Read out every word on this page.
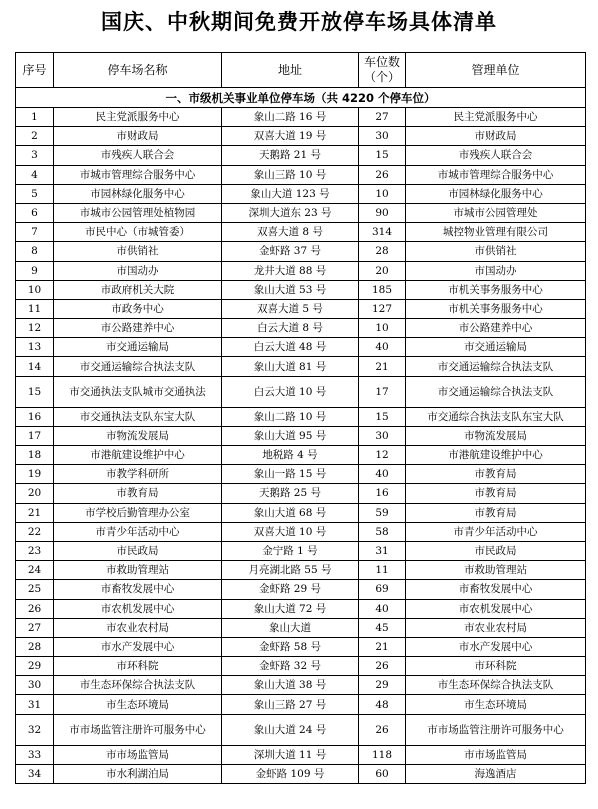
国庆、中秋期间免费开放停车场具体清单
序号	停车场名称	地址	车位数（个）	管理单位
一、市级机关事业单位停车场（共 4220 个停车位）				
1	民主党派服务中心	象山二路 16 号	27	民主党派服务中心
2	市财政局	双喜大道 19 号	30	市财政局
3	市残疾人联合会	天鹅路 21 号	15	市残疾人联合会
4	市城市管理综合服务中心	象山三路 10 号	26	市城市管理综合服务中心
5	市园林绿化服务中心	象山大道 123 号	10	市园林绿化服务中心
6	市城市公园管理处植物园	深圳大道东 23 号	90	市城市公园管理处
7	市民中心（市城管委）	双喜大道 8 号	314	城控物业管理有限公司
8	市供销社	金虾路 37 号	28	市供销社
9	市国动办	龙井大道 88 号	20	市国动办
10	市政府机关大院	象山大道 53 号	185	市机关事务服务中心
11	市政务中心	双喜大道 5 号	127	市机关事务服务中心
12	市公路建养中心	白云大道 8 号	10	市公路建养中心
13	市交通运输局	白云大道 48 号	40	市交通运输局
14	市交通运输综合执法支队	象山大道 81 号	21	市交通运输综合执法支队
15	市交通执法支队城市交通执法	白云大道 10 号	17	市交通运输综合执法支队
16	市交通执法支队东宝大队	象山二路 10 号	15	市交通综合执法支队东宝大队
17	市物流发展局	象山大道 95 号	30	市物流发展局
18	市港航建设维护中心	地税路 4 号	12	市港航建设维护中心
19	市教学科研所	象山一路 15 号	40	市教育局
20	市教育局	天鹅路 25 号	16	市教育局
21	市学校后勤管理办公室	象山大道 68 号	59	市教育局
22	市青少年活动中心	双喜大道 10 号	58	市青少年活动中心
23	市民政局	金宁路 1 号	31	市民政局
24	市救助管理站	月亮湖北路 55 号	11	市救助管理站
25	市畜牧发展中心	金虾路 29 号	69	市畜牧发展中心
26	市农机发展中心	象山大道 72 号	40	市农机发展中心
27	市农业农村局	象山大道	45	市农业农村局
28	市水产发展中心	金虾路 58 号	21	市水产发展中心
29	市环科院	金虾路 32 号	26	市环科院
30	市生态环保综合执法支队	象山大道 38 号	29	市生态环保综合执法支队
31	市生态环境局	象山三路 27 号	48	市生态环境局
32	市市场监管注册许可服务中心	象山大道 24 号	26	市市场监管注册许可服务中心
33	市市场监管局	深圳大道 11 号	118	市市场监管局
34	市水利湖泊局	金虾路 109 号	60	海逸酒店
